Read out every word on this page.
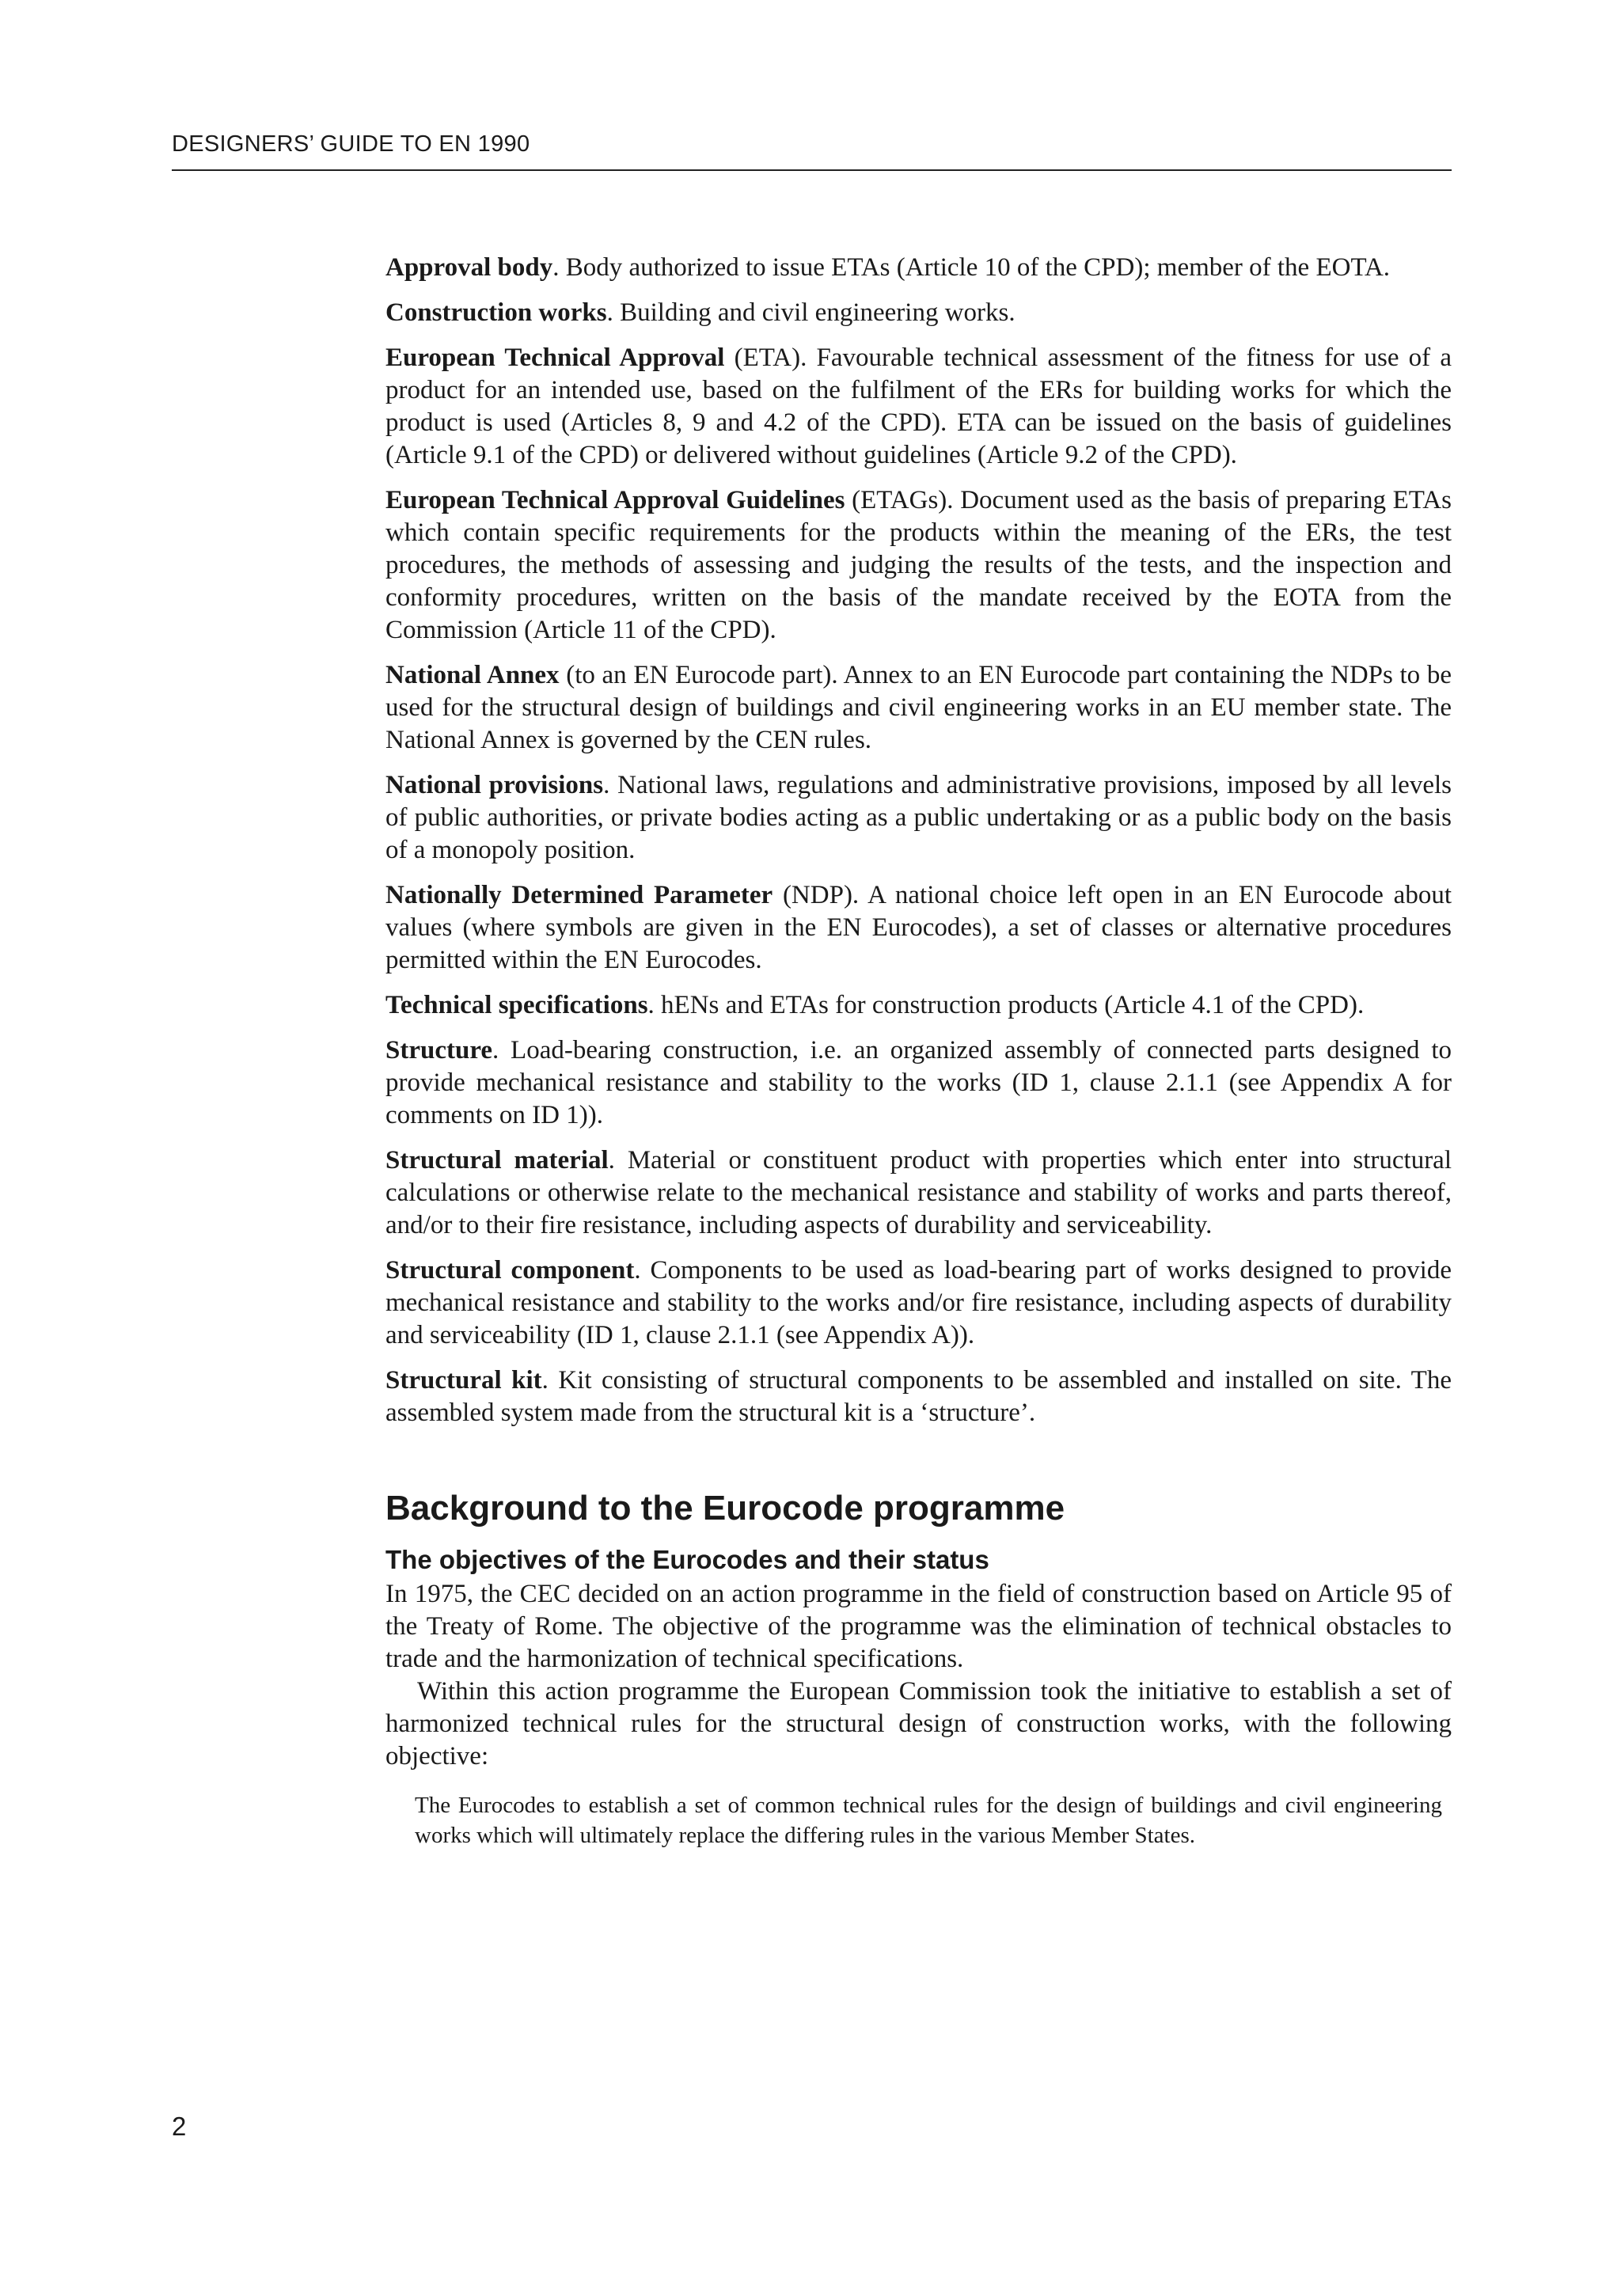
DESIGNERS’ GUIDE TO EN 1990

Approval body. Body authorized to issue ETAs (Article 10 of the CPD); member of the EOTA.

Construction works. Building and civil engineering works.

European Technical Approval (ETA). Favourable technical assessment of the fitness for use of a product for an intended use, based on the fulfilment of the ERs for building works for which the product is used (Articles 8, 9 and 4.2 of the CPD). ETA can be issued on the basis of guidelines (Article 9.1 of the CPD) or delivered without guidelines (Article 9.2 of the CPD).

European Technical Approval Guidelines (ETAGs). Document used as the basis of preparing ETAs which contain specific requirements for the products within the meaning of the ERs, the test procedures, the methods of assessing and judging the results of the tests, and the inspection and conformity procedures, written on the basis of the mandate received by the EOTA from the Commission (Article 11 of the CPD).

National Annex (to an EN Eurocode part). Annex to an EN Eurocode part containing the NDPs to be used for the structural design of buildings and civil engineering works in an EU member state. The National Annex is governed by the CEN rules.

National provisions. National laws, regulations and administrative provisions, imposed by all levels of public authorities, or private bodies acting as a public undertaking or as a public body on the basis of a monopoly position.

Nationally Determined Parameter (NDP). A national choice left open in an EN Eurocode about values (where symbols are given in the EN Eurocodes), a set of classes or alternative procedures permitted within the EN Eurocodes.

Technical specifications. hENs and ETAs for construction products (Article 4.1 of the CPD).

Structure. Load-bearing construction, i.e. an organized assembly of connected parts designed to provide mechanical resistance and stability to the works (ID 1, clause 2.1.1 (see Appendix A for comments on ID 1)).

Structural material. Material or constituent product with properties which enter into structural calculations or otherwise relate to the mechanical resistance and stability of works and parts thereof, and/or to their fire resistance, including aspects of durability and serviceability.

Structural component. Components to be used as load-bearing part of works designed to provide mechanical resistance and stability to the works and/or fire resistance, including aspects of durability and serviceability (ID 1, clause 2.1.1 (see Appendix A)).

Structural kit. Kit consisting of structural components to be assembled and installed on site. The assembled system made from the structural kit is a ‘structure’.

Background to the Eurocode programme
The objectives of the Eurocodes and their status

In 1975, the CEC decided on an action programme in the field of construction based on Article 95 of the Treaty of Rome. The objective of the programme was the elimination of technical obstacles to trade and the harmonization of technical specifications.

Within this action programme the European Commission took the initiative to establish a set of harmonized technical rules for the structural design of construction works, with the following objective:

The Eurocodes to establish a set of common technical rules for the design of buildings and civil engineering works which will ultimately replace the differing rules in the various Member States.

2
